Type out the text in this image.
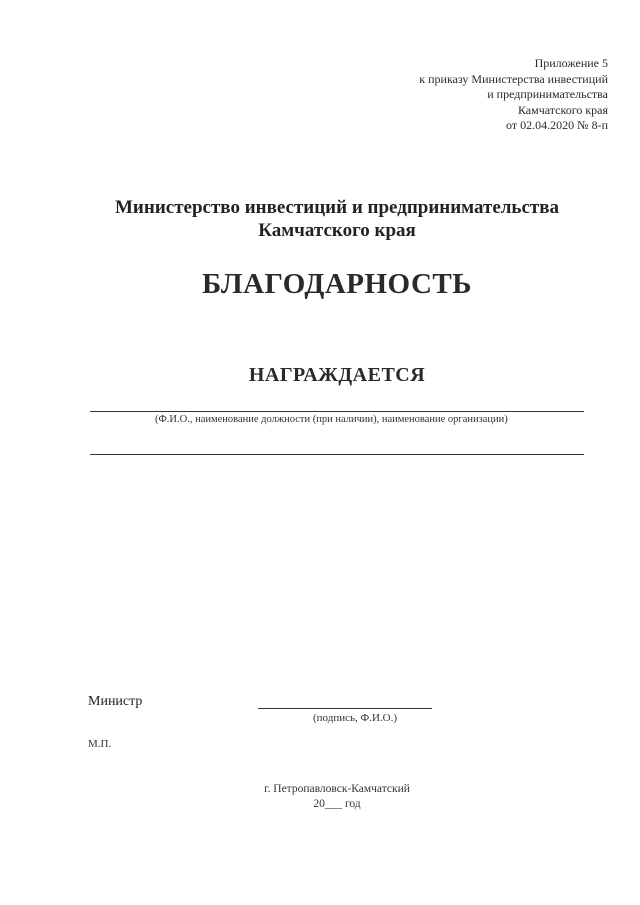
Приложение 5
к приказу Министерства инвестиций
и предпринимательства
Камчатского края
от 02.04.2020 № 8-п
Министерство инвестиций и предпринимательства
Камчатского края
БЛАГОДАРНОСТЬ
НАГРАЖДАЕТСЯ
(Ф.И.О., наименование должности (при наличии), наименование организации)
Министр
(подпись, Ф.И.О.)
М.П.
г. Петропавловск-Камчатский
20___ год
